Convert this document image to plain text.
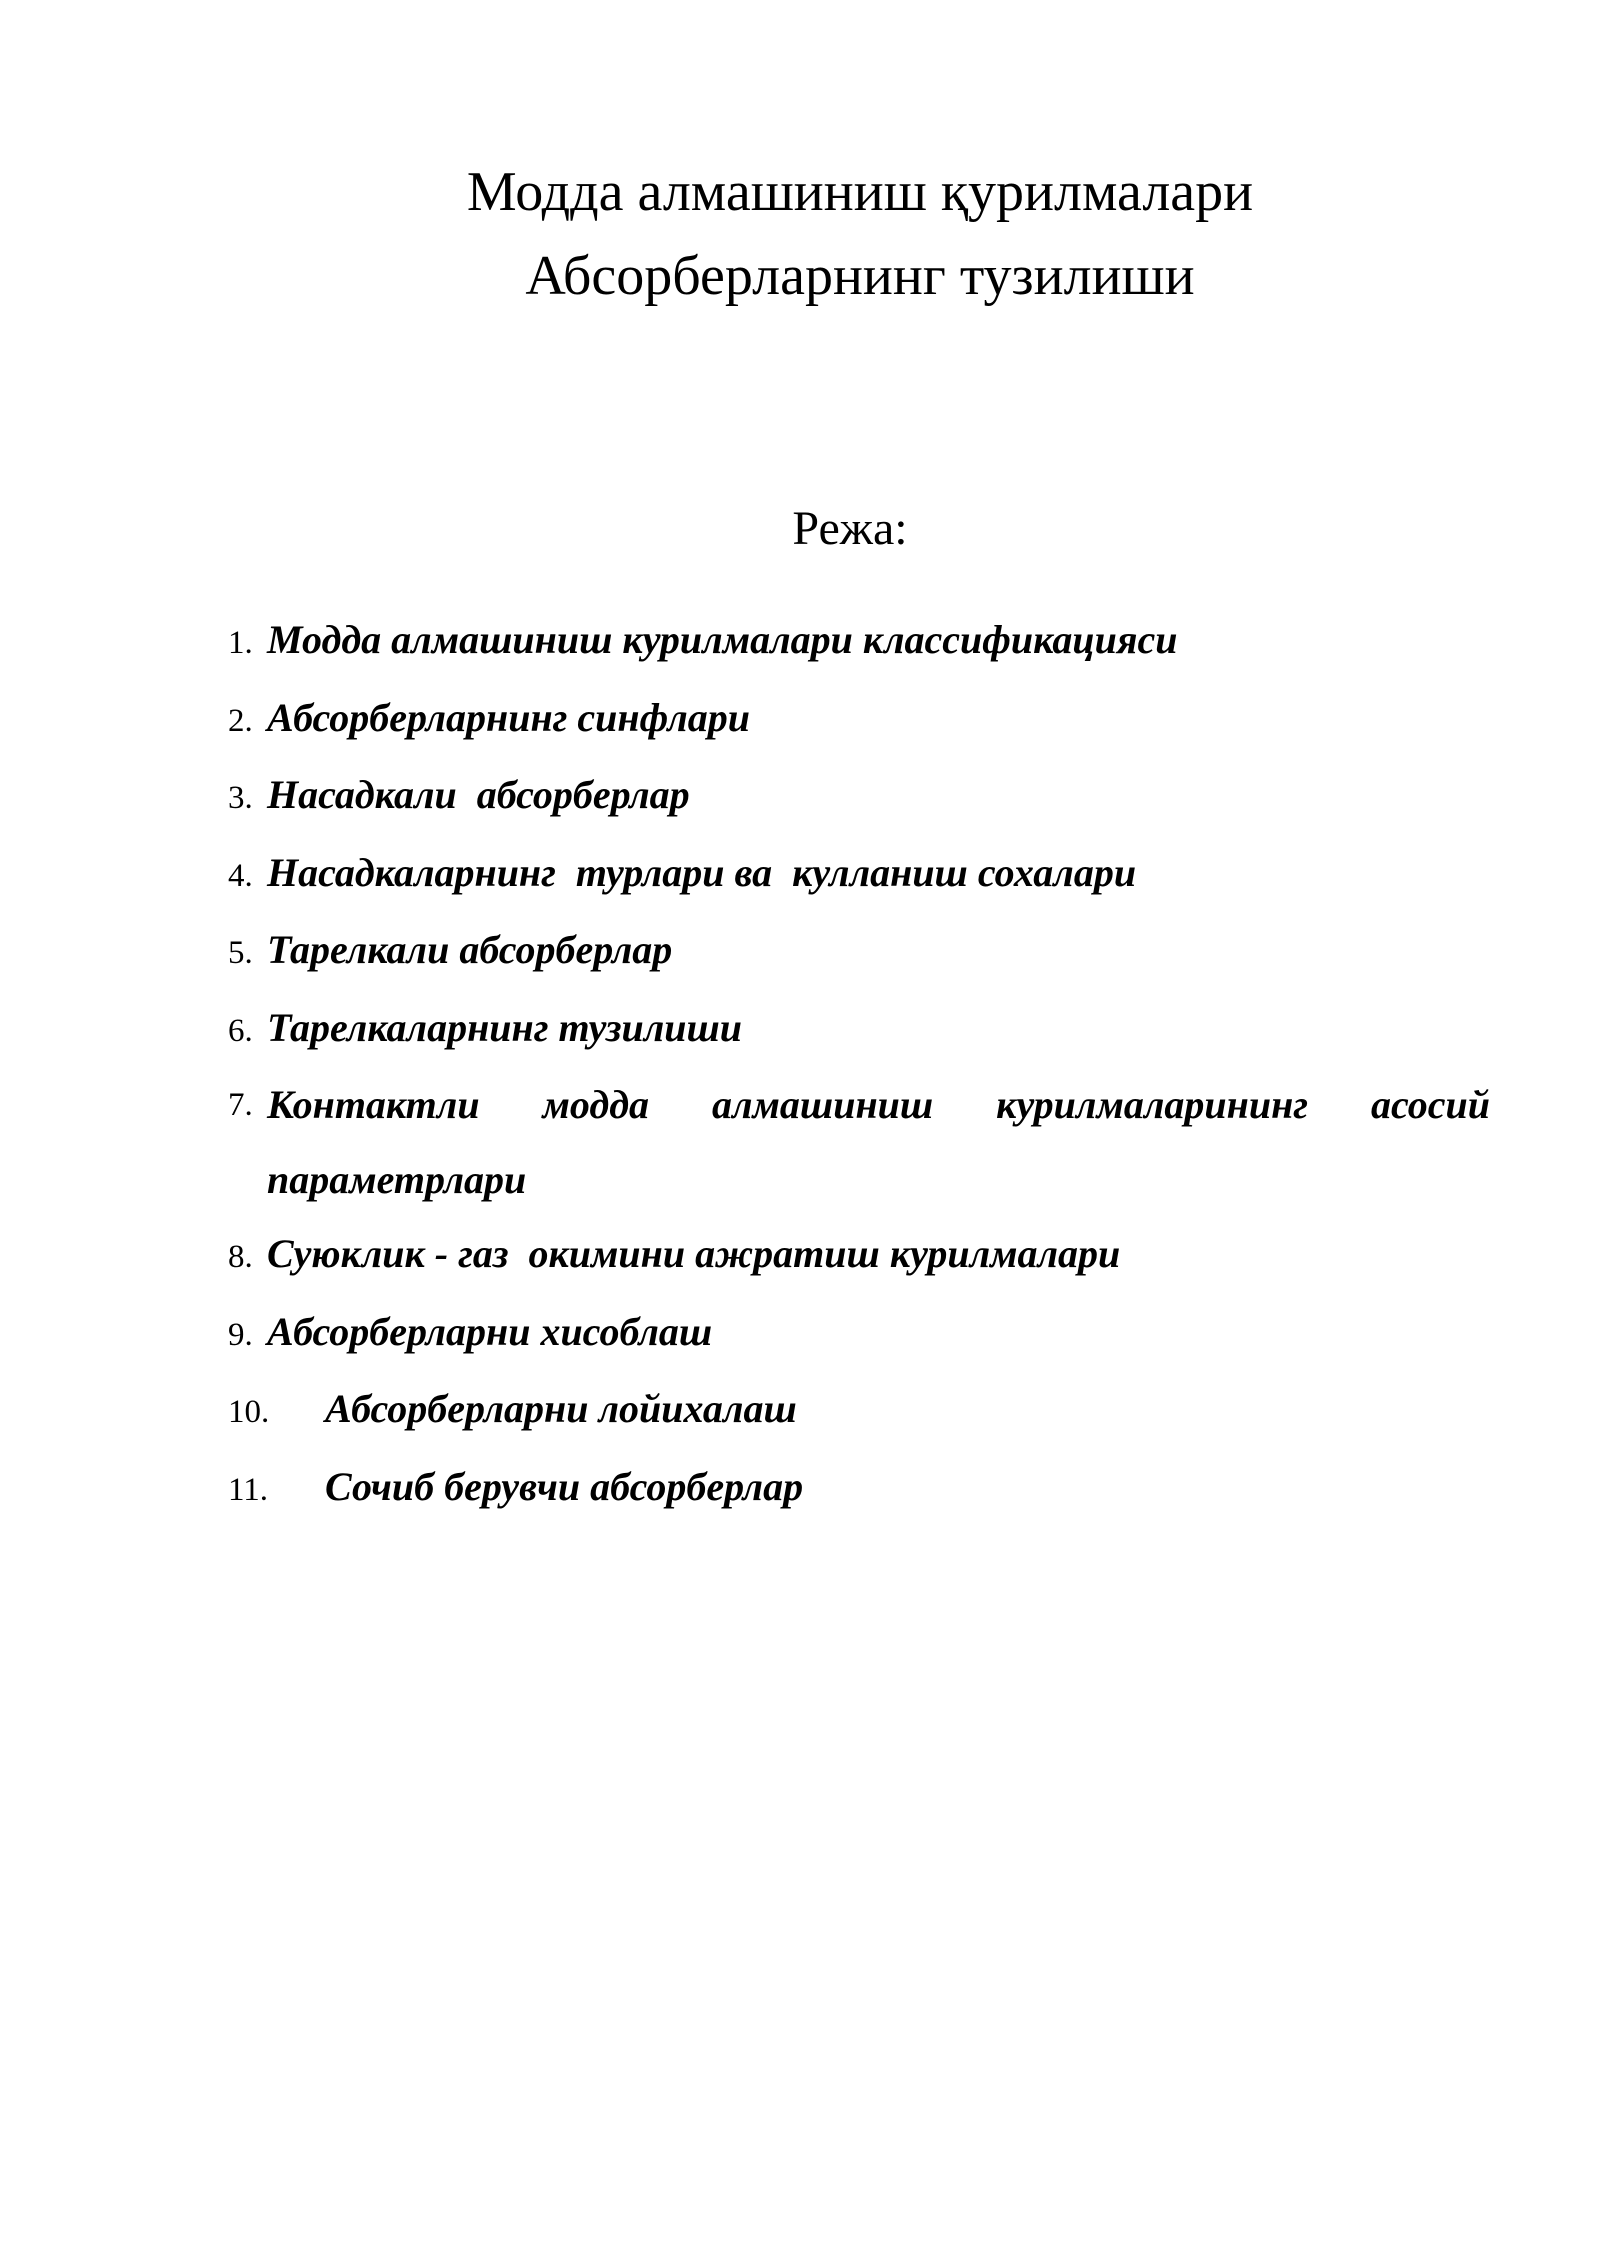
Модда алмашиниш қурилмалари

Абсорберларнинг тузилиши

Режа:

1. Модда алмашиниш курилмалари классификацияси
2. Абсорберларнинг синфлари
3. Насадкали  абсорберлар
4. Насадкаларнинг  турлари ва  кулланиш сохалари
5. Тарелкали абсорберлар
6. Тарелкаларнинг тузилиши
7. Контактли модда алмашиниш курилмаларининг асосий
параметрлари
8. Суюклик - газ  окимини ажратиш курилмалари
9. Абсорберларни хисоблаш
10. Абсорберларни лойихалаш
11. Сочиб берувчи абсорберлар
